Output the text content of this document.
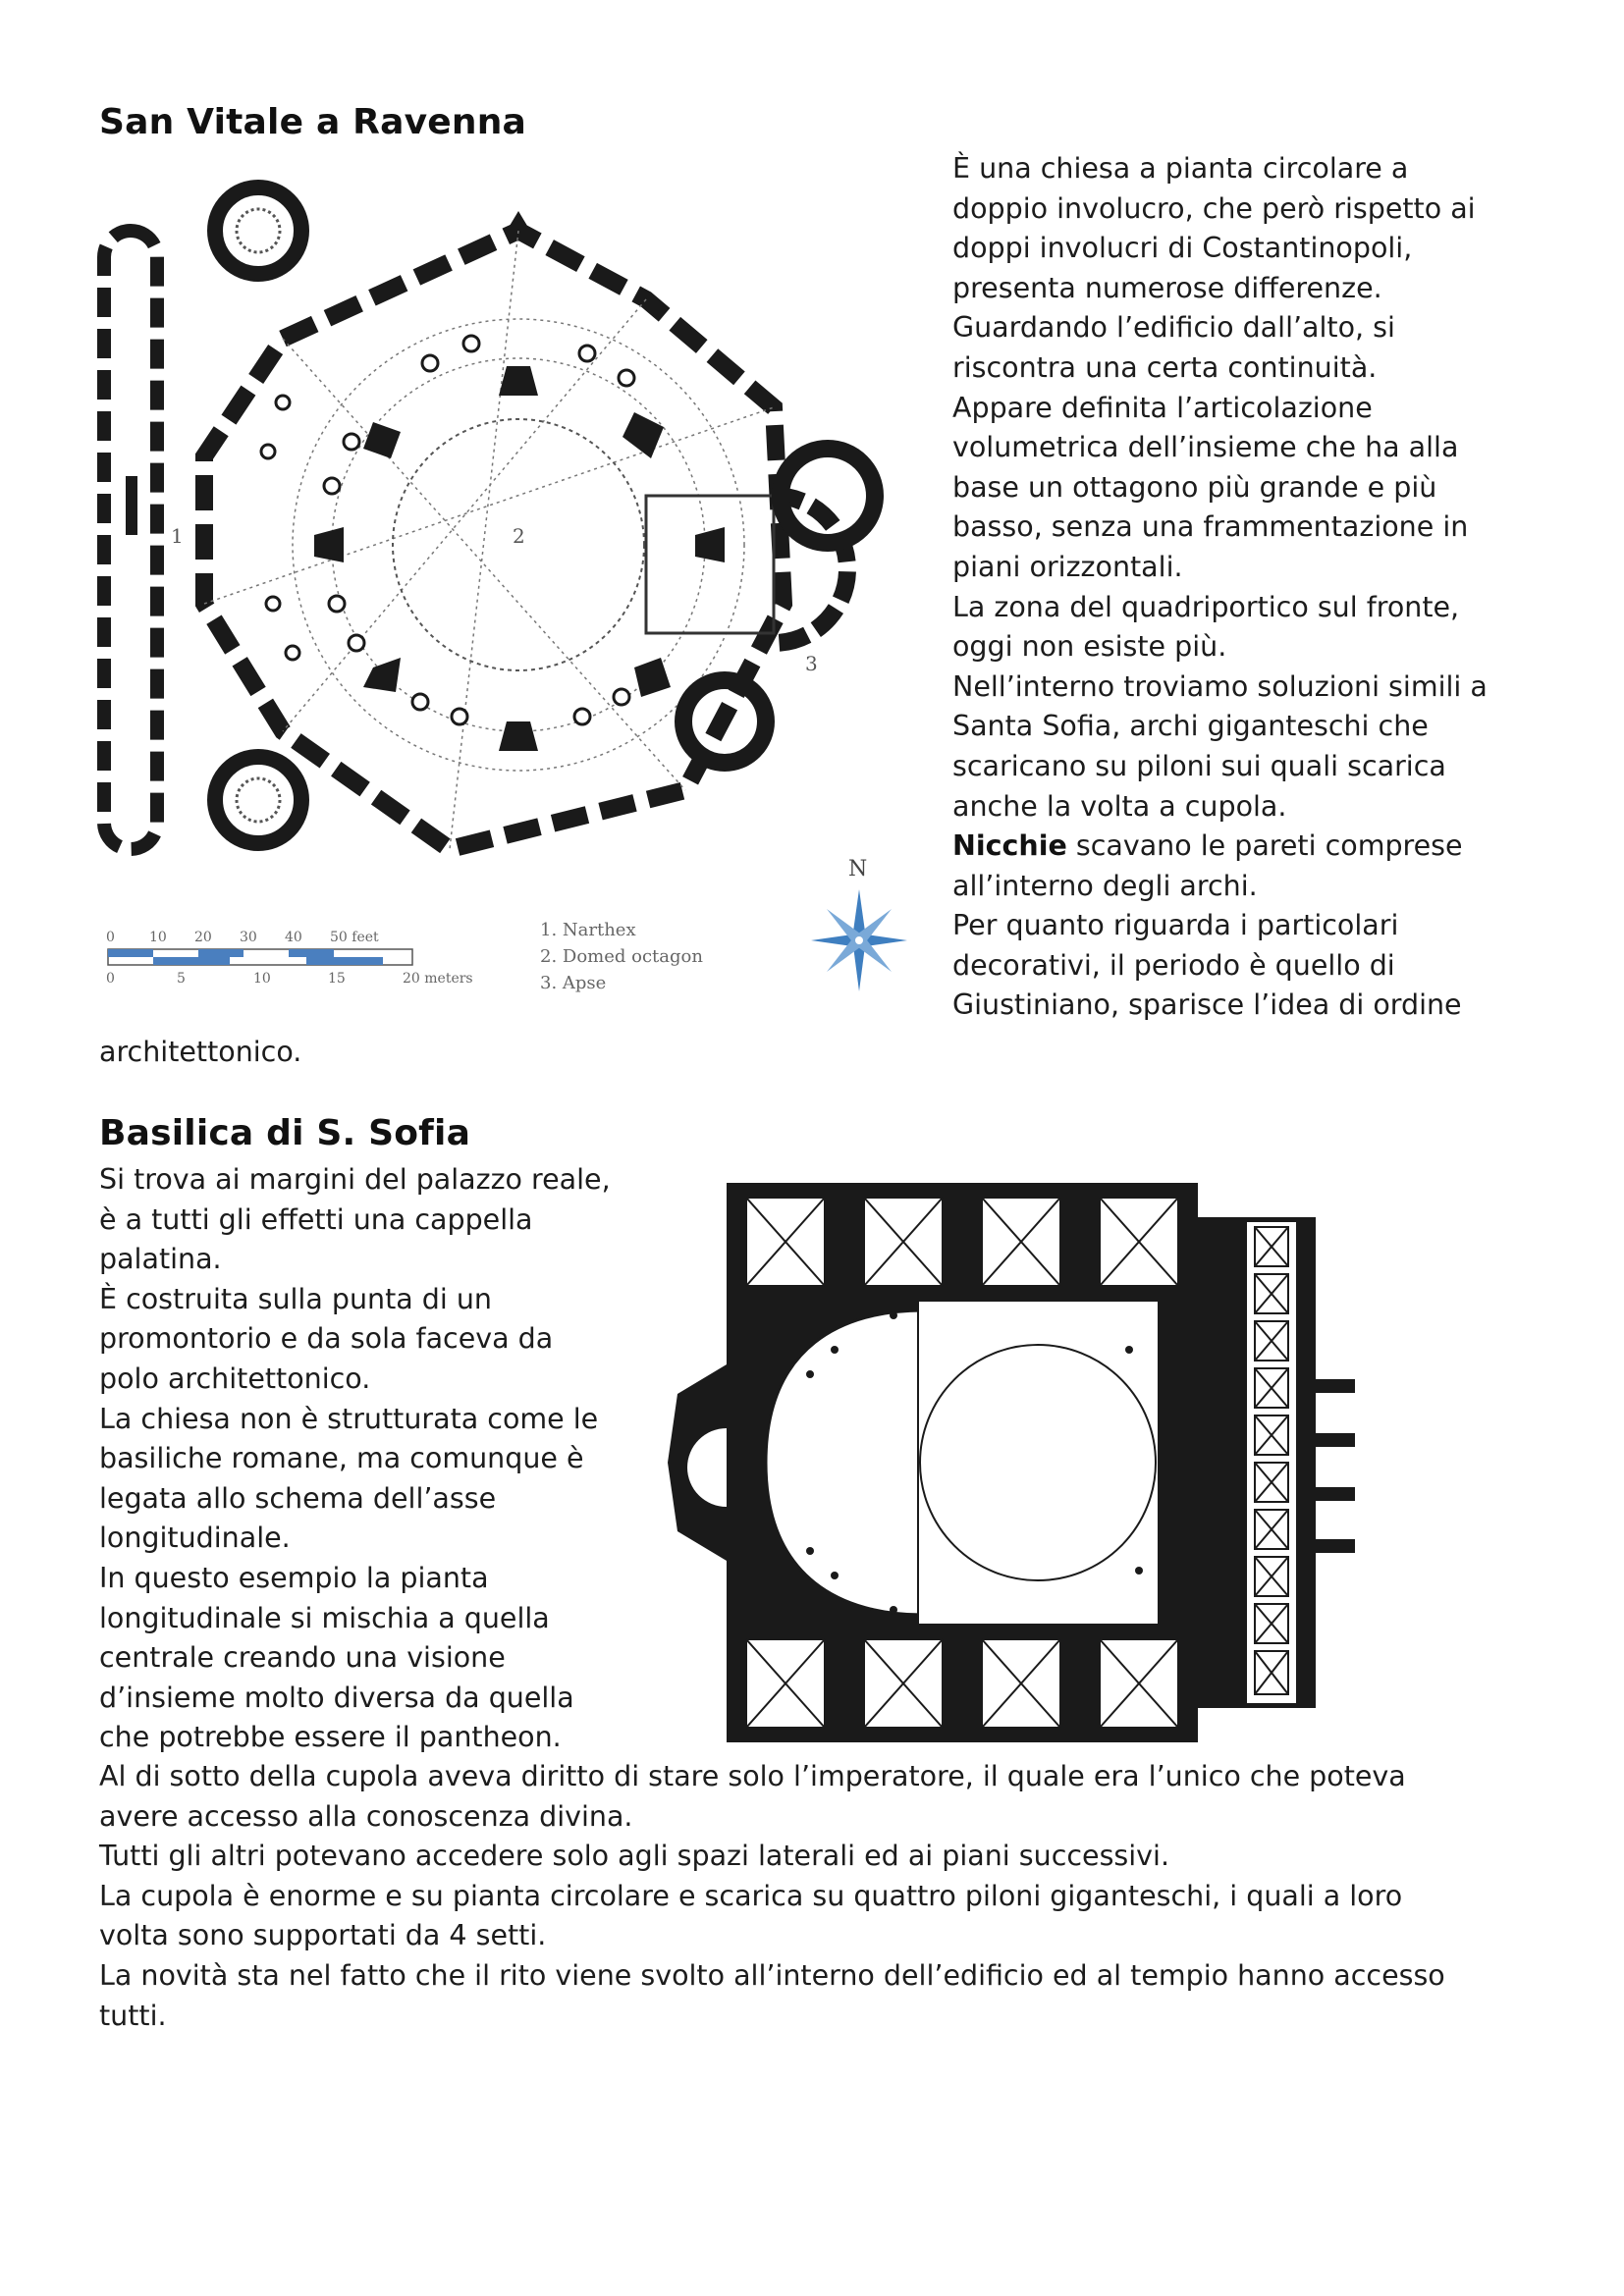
San Vitale a Ravenna
1	2
3
0	10 20 30 40 50 feet
0	5	10	15	20 meters
1. Narthex
2. Domed octagon
3. Apse
N

È una chiesa a pianta circolare a

doppio involucro, che però rispetto ai

doppi involucri di Costantinopoli,

presenta numerose differenze.

Guardando l’edificio dall’alto, si

riscontra una certa continuità.

Appare definita l’articolazione

volumetrica dell’insieme che ha alla

base un ottagono più grande e più

basso, senza una frammentazione in

piani orizzontali.

La zona del quadriportico sul fronte,

oggi non esiste più.

Nell’interno troviamo soluzioni simili a

Santa Sofia, archi giganteschi che

scaricano su piloni sui quali scarica

anche la volta a cupola.

Nicchie scavano le pareti comprese

all’interno degli archi.

Per quanto riguarda i particolari

decorativi, il periodo è quello di

Giustiniano, sparisce l’idea di ordine

architettonico.

Basilica di S. Sofia

Si trova ai margini del palazzo reale,

è a tutti gli effetti una cappella

palatina.

È costruita sulla punta di un

promontorio e da sola faceva da

polo architettonico.

La chiesa non è strutturata come le

basiliche romane, ma comunque è

legata allo schema dell’asse

longitudinale.

In questo esempio la pianta

longitudinale si mischia a quella

centrale creando una visione

d’insieme molto diversa da quella

che potrebbe essere il pantheon.

Al di sotto della cupola aveva diritto di stare solo l’imperatore, il quale era l’unico che poteva

avere accesso alla conoscenza divina.

Tutti gli altri potevano accedere solo agli spazi laterali ed ai piani successivi.

La cupola è enorme e su pianta circolare e scarica su quattro piloni giganteschi, i quali a loro

volta sono supportati da 4 setti.

La novità sta nel fatto che il rito viene svolto all’interno dell’edificio ed al tempio hanno accesso

tutti.
